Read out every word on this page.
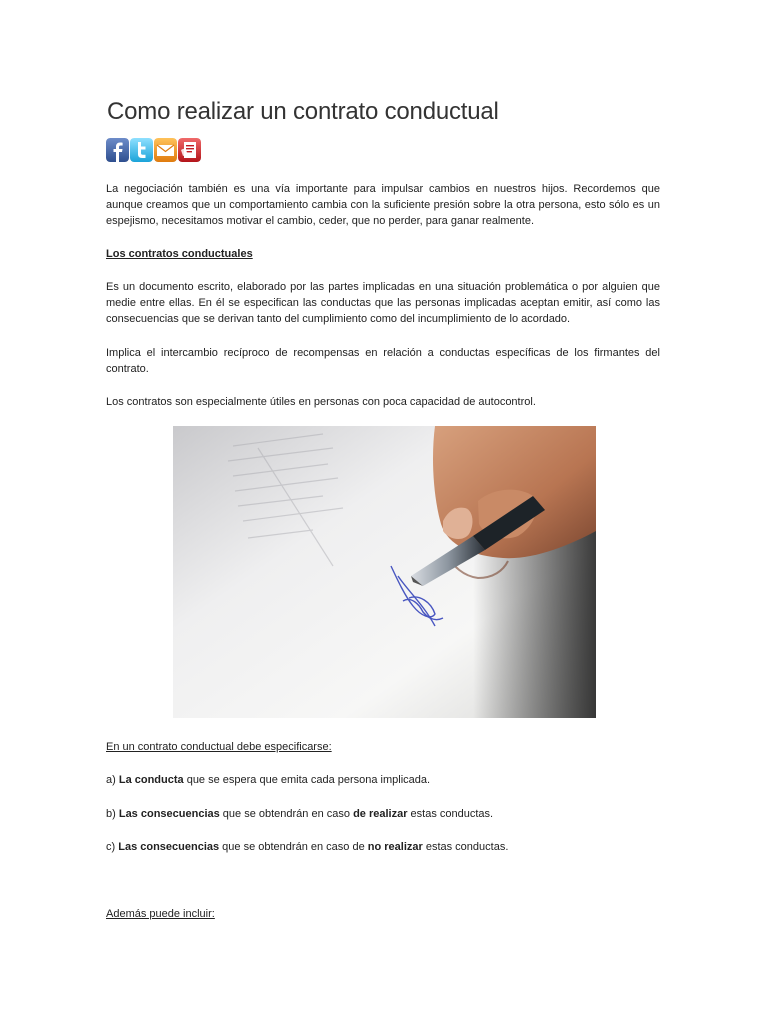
Como realizar un contrato conductual

La negociación también es una vía importante para impulsar cambios en nuestros hijos. Recordemos que aunque creamos que un comportamiento cambia con la suficiente presión sobre la otra persona, esto sólo es un espejismo, necesitamos motivar el cambio, ceder, que no perder, para ganar realmente.

Los contratos conductuales

Es un documento escrito, elaborado por las partes implicadas en una situación problemática o por alguien que medie entre ellas. En él se especifican las conductas que las personas implicadas aceptan emitir, así como las consecuencias que se derivan tanto del cumplimiento como del incumplimiento de lo acordado.

Implica el intercambio recíproco de recompensas en relación a conductas específicas de los firmantes del contrato.

Los contratos son especialmente útiles en personas con poca capacidad de autocontrol.

En un contrato conductual debe especificarse:

a) La conducta que se espera que emita cada persona implicada.

b) Las consecuencias que se obtendrán en caso de realizar estas conductas.

c) Las consecuencias que se obtendrán en caso de no realizar estas conductas.

Además puede incluir:
